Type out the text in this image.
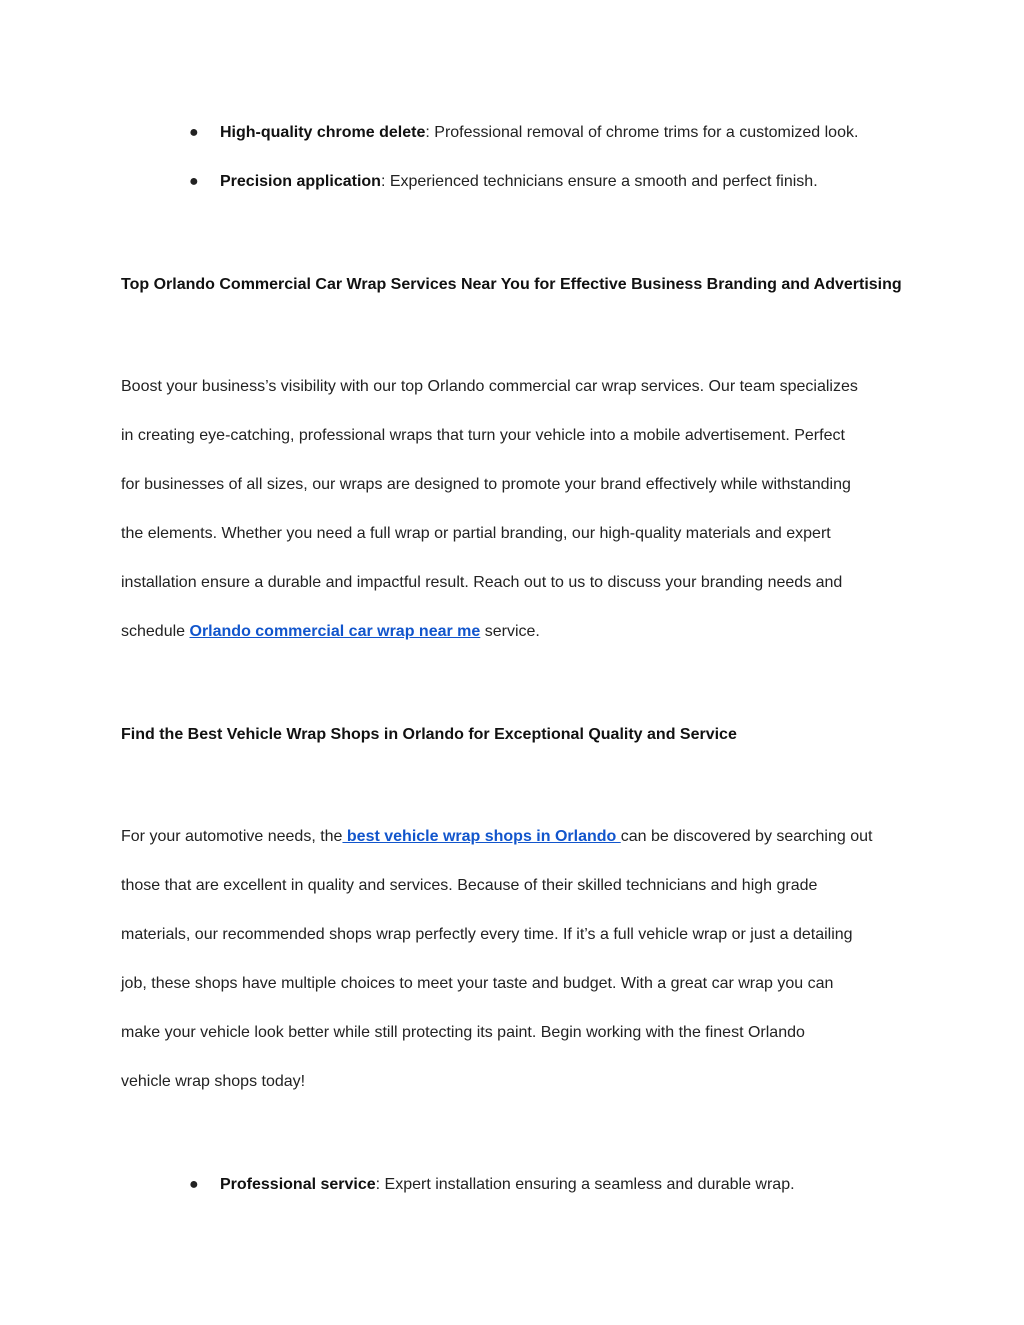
● High-quality chrome delete: Professional removal of chrome trims for a customized look.
● Precision application: Experienced technicians ensure a smooth and perfect finish.
Top Orlando Commercial Car Wrap Services Near You for Effective Business Branding and Advertising

Boost your business’s visibility with our top Orlando commercial car wrap services. Our team specializes
in creating eye-catching, professional wraps that turn your vehicle into a mobile advertisement. Perfect
for businesses of all sizes, our wraps are designed to promote your brand effectively while withstanding
the elements. Whether you need a full wrap or partial branding, our high-quality materials and expert
installation ensure a durable and impactful result. Reach out to us to discuss your branding needs and
schedule Orlando commercial car wrap near me service.

Find the Best Vehicle Wrap Shops in Orlando for Exceptional Quality and Service

For your automotive needs, the best vehicle wrap shops in Orlando can be discovered by searching out
those that are excellent in quality and services. Because of their skilled technicians and high grade
materials, our recommended shops wrap perfectly every time. If it’s a full vehicle wrap or just a detailing
job, these shops have multiple choices to meet your taste and budget. With a great car wrap you can
make your vehicle look better while still protecting its paint. Begin working with the finest Orlando
vehicle wrap shops today!

● Professional service: Expert installation ensuring a seamless and durable wrap.
